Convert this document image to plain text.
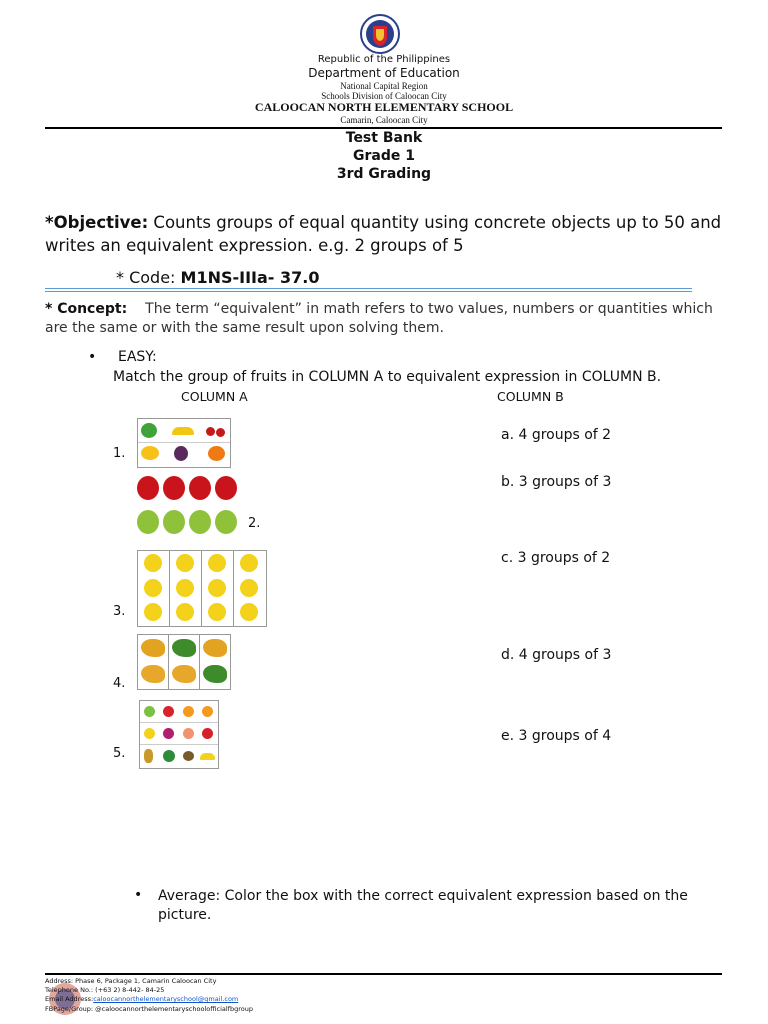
Republic of the Philippines
Department of Education
National Capital Region
Schools Division of Caloocan City
CALOOCAN NORTH ELEMENTARY SCHOOL
Camarin, Caloocan City
Test Bank
Grade 1
3rd Grading
*Objective: Counts groups of equal quantity using concrete objects up to 50 and writes an equivalent expression. e.g. 2 groups of 5
* Code: M1NS-IIIa- 37.0
* Concept: The term “equivalent” in math refers to two values, numbers or quantities which are the same or with the same result upon solving them.
• EASY:
Match the group of fruits in COLUMN A to equivalent expression in COLUMN B.
COLUMN A	COLUMN B
1.
2.
3.
4.
5.
a. 4 groups of 2
b. 3 groups of 3
c. 3 groups of 2
d. 4 groups of 3
e. 3 groups of 4
• Average: Color the box with the correct equivalent expression based on the picture.
Address: Phase 6, Package 1, Camarin Caloocan City
Telephone No.: (+63 2) 8-442- 84-25
Email Address:caloocannorthelementaryschool@gmail.com
FBPage/Group: @caloocannorthelementaryschoolofficialfbgroup
